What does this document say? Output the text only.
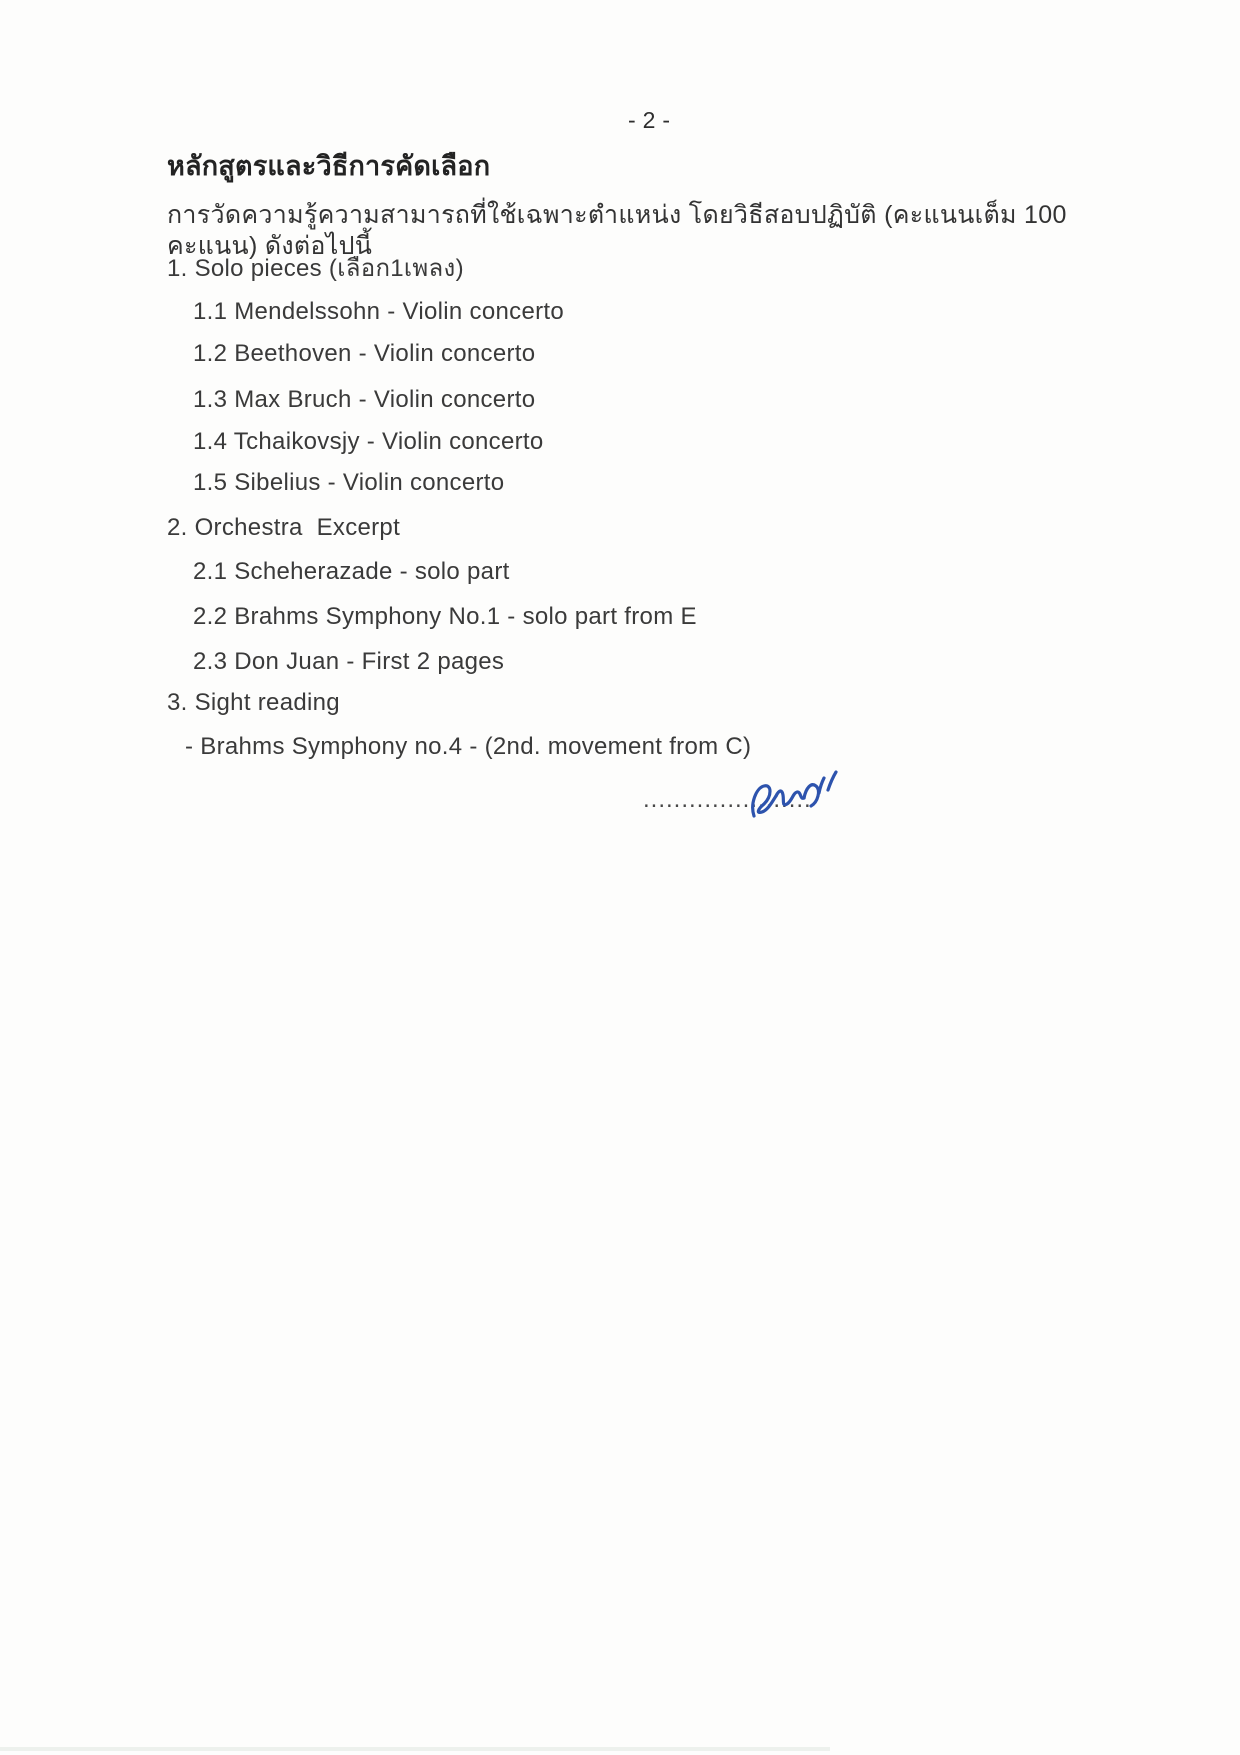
- 2 -
หลักสูตรและวิธีการคัดเลือก
การวัดความรู้ความสามารถที่ใช้เฉพาะตำแหน่ง โดยวิธีสอบปฏิบัติ (คะแนนเต็ม 100 คะแนน) ดังต่อไปนี้
1. Solo pieces (เลือก1เพลง)
1.1 Mendelssohn - Violin concerto
1.2 Beethoven - Violin concerto
1.3 Max Bruch - Violin concerto
1.4 Tchaikovsjy - Violin concerto
1.5 Sibelius - Violin concerto
2. Orchestra  Excerpt
2.1 Scheherazade - solo part
2.2 Brahms Symphony No.1 - solo part from E
2.3 Don Juan - First 2 pages
3. Sight reading
- Brahms Symphony no.4 - (2nd. movement from C)
......................
